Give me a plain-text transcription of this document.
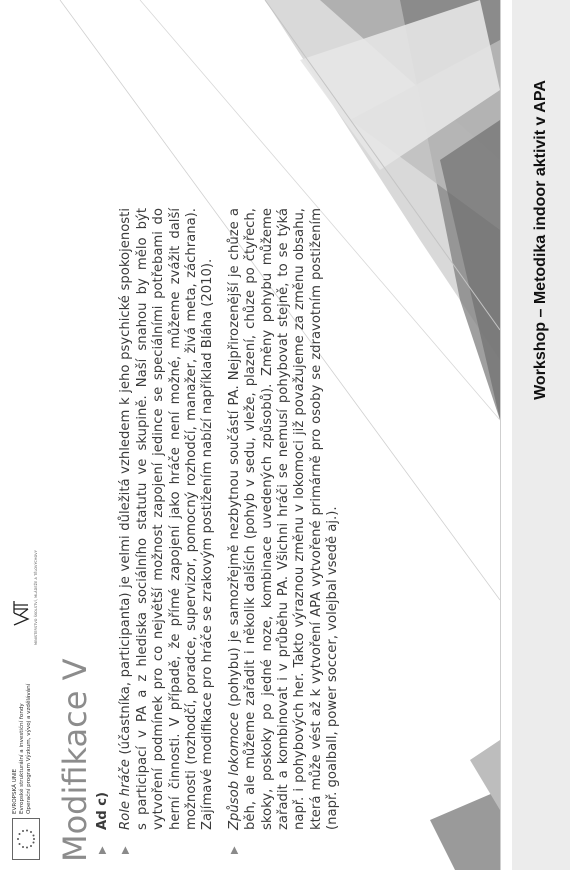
EVROPSKÁ UNIE Evropské strukturální a investiční fondy Operační program Výzkum, vývoj a vzdělávání
MINISTERSTVO ŠKOLSTVÍ, MLÁDEŽE A TĚLOVÝCHOVY
Modifikace V ▶

Ad c)

▶

Role hráče (účastníka, participanta) je velmi důležitá vzhledem k jeho psychické spokojenosti s participací v PA a z hlediska sociálního statutu ve skupině. Naší snahou by mělo být vytvoření podmínek pro co největší možnost zapojení jedince se speciálními potřebami do herní činnosti. V případě, že přímé zapojení jako hráče není možné, můžeme zvážit další možnosti (rozhodčí, poradce, supervizor, pomocný rozhodčí, manažer, živá meta, záchrana). Zajímavé modifikace pro hráče se zrakovým postižením nabízí například Bláha (2010).

▶

Způsob lokomoce (pohybu) je samozřejmě nezbytnou součástí PA. Nejpřirozenější je chůze a běh, ale můžeme zařadit i několik dalších (pohyb v sedu, vleže, plazení, chůze po čtyřech, skoky, poskoky po jedné noze, kombinace uvedených způsobů). Změny pohybu můžeme zařadit a kombinovat i v průběhu PA. Všichni hráči se nemusí pohybovat stejně, to se týká např. i pohybových her. Takto výraznou změnu v lokomoci již považujeme za změnu obsahu, která může vést až k vytvoření APA vytvořené primárně pro osoby se zdravotním postižením (např. goalball, power soccer, volejbal vsedě aj.).

Workshop – Metodika indoor aktivit v APA
